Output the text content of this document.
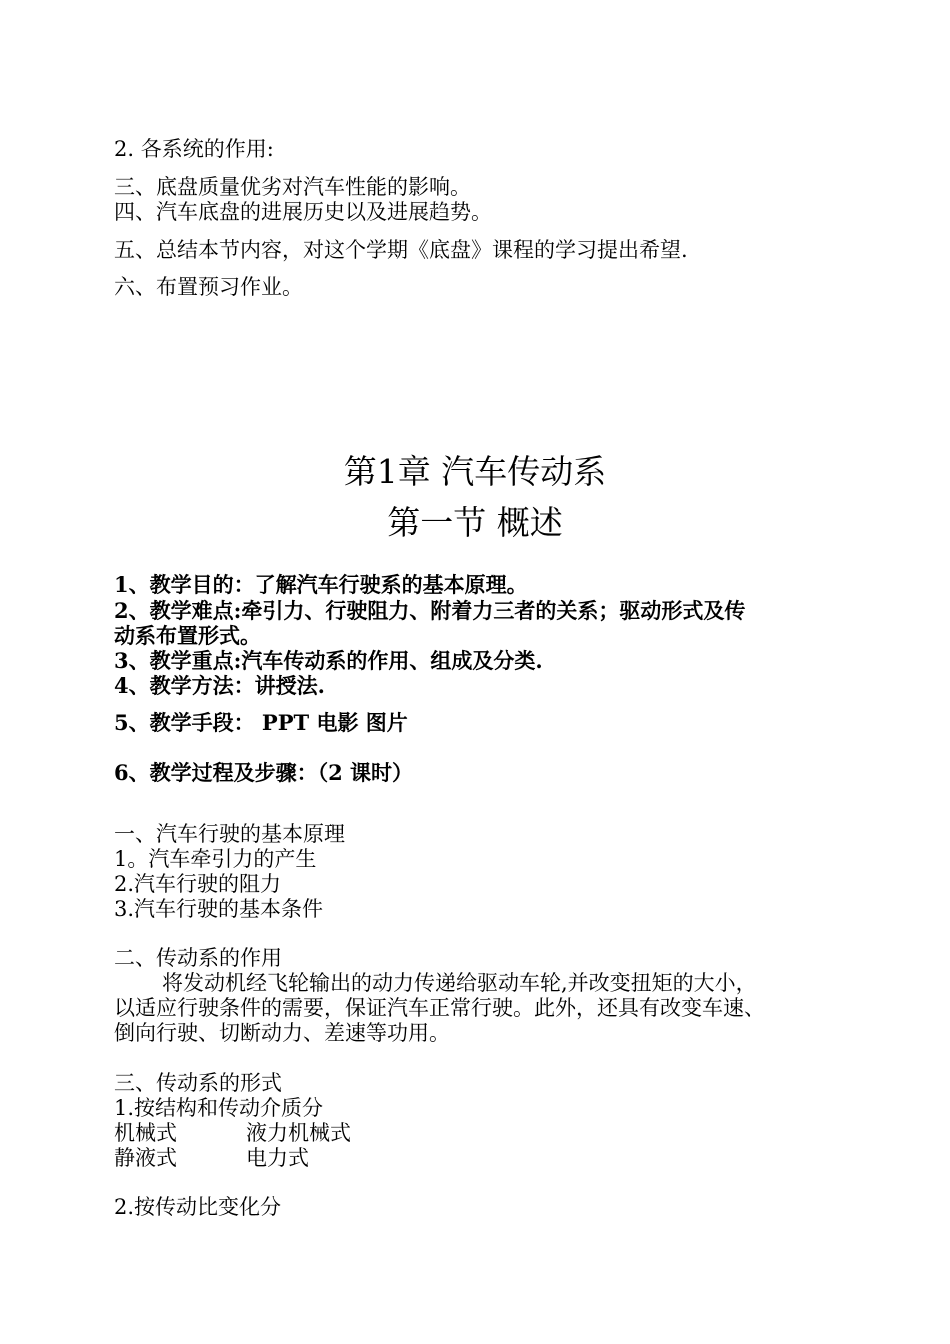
2. 各系统的作用:
三、底盘质量优劣对汽车性能的影响。
四、汽车底盘的进展历史以及进展趋势。
五、总结本节内容，对这个学期《底盘》课程的学习提出希望.
六、布置预习作业。
第1章 汽车传动系
第一节 概述
1、教学目的：了解汽车行驶系的基本原理。
2、教学难点:牵引力、行驶阻力、附着力三者的关系；驱动形式及传
动系布置形式。
3、教学重点:汽车传动系的作用、组成及分类.
4、教学方法：讲授法.
5、教学手段： PPT 电影 图片
6、教学过程及步骤：（2 课时）
一、汽车行驶的基本原理
1。汽车牵引力的产生
2.汽车行驶的阻力
3.汽车行驶的基本条件
二、传动系的作用
将发动机经飞轮输出的动力传递给驱动车轮,并改变扭矩的大小，
以适应行驶条件的需要，保证汽车正常行驶。此外，还具有改变车速、
倒向行驶、切断动力、差速等功用。
三、传动系的形式
1.按结构和传动介质分
机械式	液力机械式
静液式	电力式
2.按传动比变化分
